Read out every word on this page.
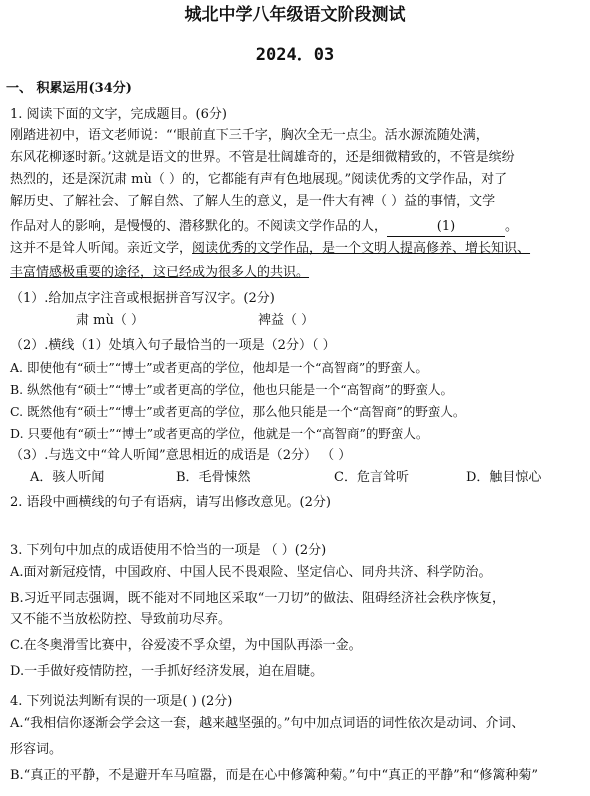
城北中学八年级语文阶段测试
2024．03
一、 积累运用(34分)
1. 阅读下面的文字，完成题目。(6分)
刚踏进初中，语文老师说：“‘眼前直下三千字，胸次全无一点尘。活水源流随处满，
东风花柳逐时新。’这就是语文的世界。不管是壮阔雄奇的，还是细微精致的，不管是缤纷
热烈的，还是深沉肃 mù（ ）的，它都能有声有色地展现。”阅读优秀的文学作品，对了
解历史、了解社会、了解自然、了解人生的意义，是一件大有裨（ ）益的事情，文学
作品对人的影响，是慢慢的、潜移默化的。不阅读文学作品的人，	(1)	。
这并不是耸人听闻。亲近文学，阅读优秀的文学作品，是一个文明人提高修养、增长知识、
丰富情感极重要的途径，这已经成为很多人的共识。
（1）.给加点字注音或根据拼音写汉字。(2分)
肃 mù（ ）	裨益（ ）
（2）.横线（1）处填入句子最恰当的一项是（2分）（ ）
A. 即使他有“硕士”“博士”或者更高的学位，他却是一个“高智商”的野蛮人。
B. 纵然他有“硕士”“博士”或者更高的学位，他也只能是一个“高智商”的野蛮人。
C. 既然他有“硕士”“博士”或者更高的学位，那么他只能是一个“高智商”的野蛮人。
D. 只要他有“硕士”“博士”或者更高的学位，他就是一个“高智商”的野蛮人。
（3）.与选文中“耸人听闻”意思相近的成语是（2分） （ ）
A．骇人听闻	B．毛骨悚然	C．危言耸听	D．触目惊心
2. 语段中画横线的句子有语病，请写出修改意见。(2分)
3. 下列句中加点的成语使用不恰当的一项是 （ ）(2分)
A.面对新冠疫情，中国政府、中国人民不畏艰险、坚定信心、同舟共济、科学防治。
B.习近平同志强调，既不能对不同地区采取“一刀切”的做法、阻碍经济社会秩序恢复，
又不能不当放松防控、导致前功尽弃。
C.在冬奥滑雪比赛中，谷爱凌不孚众望，为中国队再添一金。
D.一手做好疫情防控，一手抓好经济发展，迫在眉睫。
4. 下列说法判断有误的一项是( ) (2分)
A.“我相信你逐渐会学会这一套，越来越坚强的。”句中加点词语的词性依次是动词、介词、
形容词。
B.“真正的平静，不是避开车马喧嚣，而是在心中修篱种菊。”句中“真正的平静”和“修篱种菊”
